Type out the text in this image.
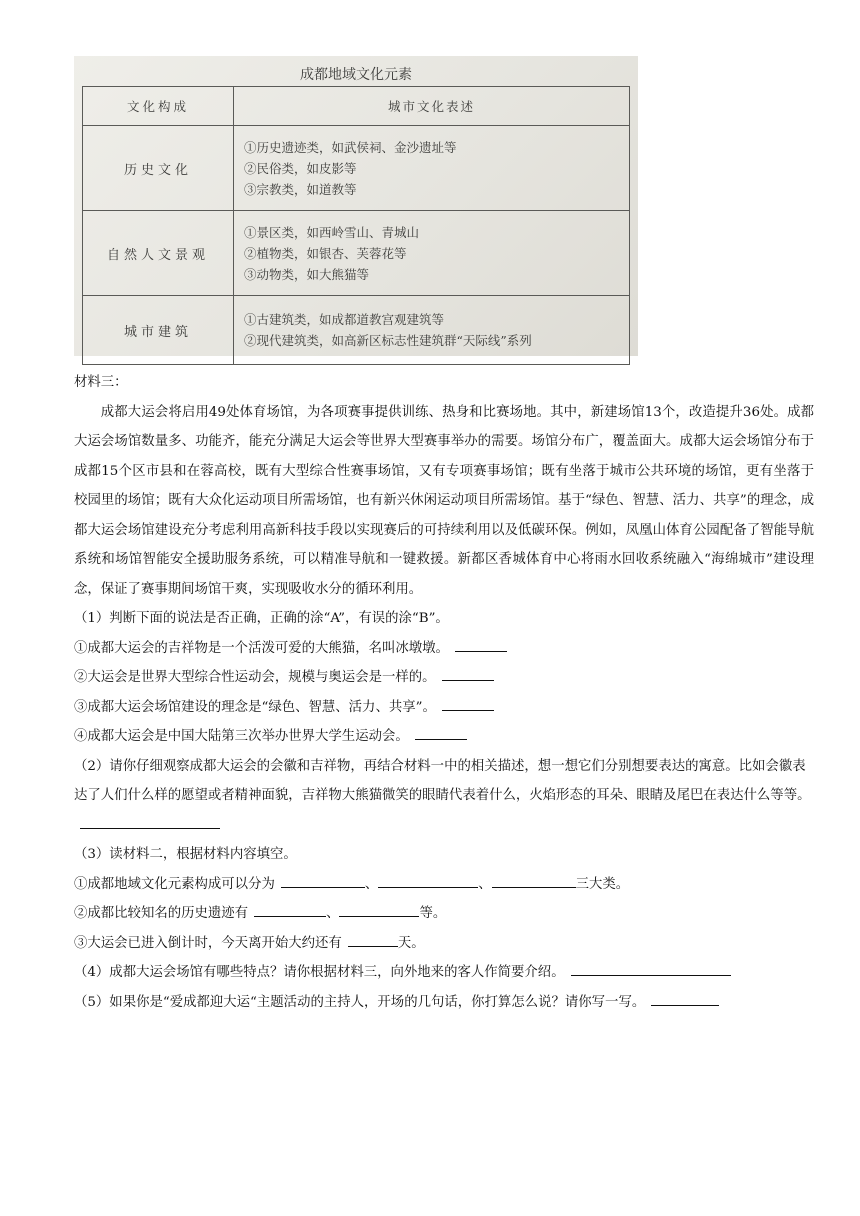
成都地域文化元素
文化构成	城市文化表述
历史文化	①历史遗迹类，如武侯祠、金沙遗址等
②民俗类，如皮影等
③宗教类，如道教等

自然人文景观	①景区类，如西岭雪山、青城山
②植物类，如银杏、芙蓉花等
③动物类，如大熊猫等

城市建筑	①古建筑类，如成都道教宫观建筑等
②现代建筑类，如高新区标志性建筑群“天际线”系列

材料三：

成都大运会将启用49处体育场馆，为各项赛事提供训练、热身和比赛场地。其中，新建场馆13个，改造提升36处。成都大运会场馆数量多、功能齐，能充分满足大运会等世界大型赛事举办的需要。场馆分布广，覆盖面大。成都大运会场馆分布于成都15个区市县和在蓉高校，既有大型综合性赛事场馆，又有专项赛事场馆；既有坐落于城市公共环境的场馆，更有坐落于校园里的场馆；既有大众化运动项目所需场馆，也有新兴休闲运动项目所需场馆。基于“绿色、智慧、活力、共享”的理念，成都大运会场馆建设充分考虑利用高新科技手段以实现赛后的可持续利用以及低碳环保。例如，凤凰山体育公园配备了智能导航系统和场馆智能安全援助服务系统，可以精准导航和一键救援。新都区香城体育中心将雨水回收系统融入“海绵城市”建设理念，保证了赛事期间场馆干爽，实现吸收水分的循环利用。

（1）判断下面的说法是否正确，正确的涂“A”，有误的涂“B”。

①成都大运会的吉祥物是一个活泼可爱的大熊猫，名叫冰墩墩。

②大运会是世界大型综合性运动会，规模与奥运会是一样的。

③成都大运会场馆建设的理念是“绿色、智慧、活力、共享”。

④成都大运会是中国大陆第三次举办世界大学生运动会。

（2）请你仔细观察成都大运会的会徽和吉祥物，再结合材料一中的相关描述，想一想它们分别想要表达的寓意。比如会徽表达了人们什么样的愿望或者精神面貌，吉祥物大熊猫微笑的眼睛代表着什么，火焰形态的耳朵、眼睛及尾巴在表达什么等等。

（3）读材料二，根据材料内容填空。

①成都地域文化元素构成可以分为	、	、	三大类。

②成都比较知名的历史遗迹有	、	等。

③大运会已进入倒计时，今天离开始大约还有	天。

（4）成都大运会场馆有哪些特点？请你根据材料三，向外地来的客人作简要介绍。

（5）如果你是“爱成都迎大运“主题活动的主持人，开场的几句话，你打算怎么说？请你写一写。
